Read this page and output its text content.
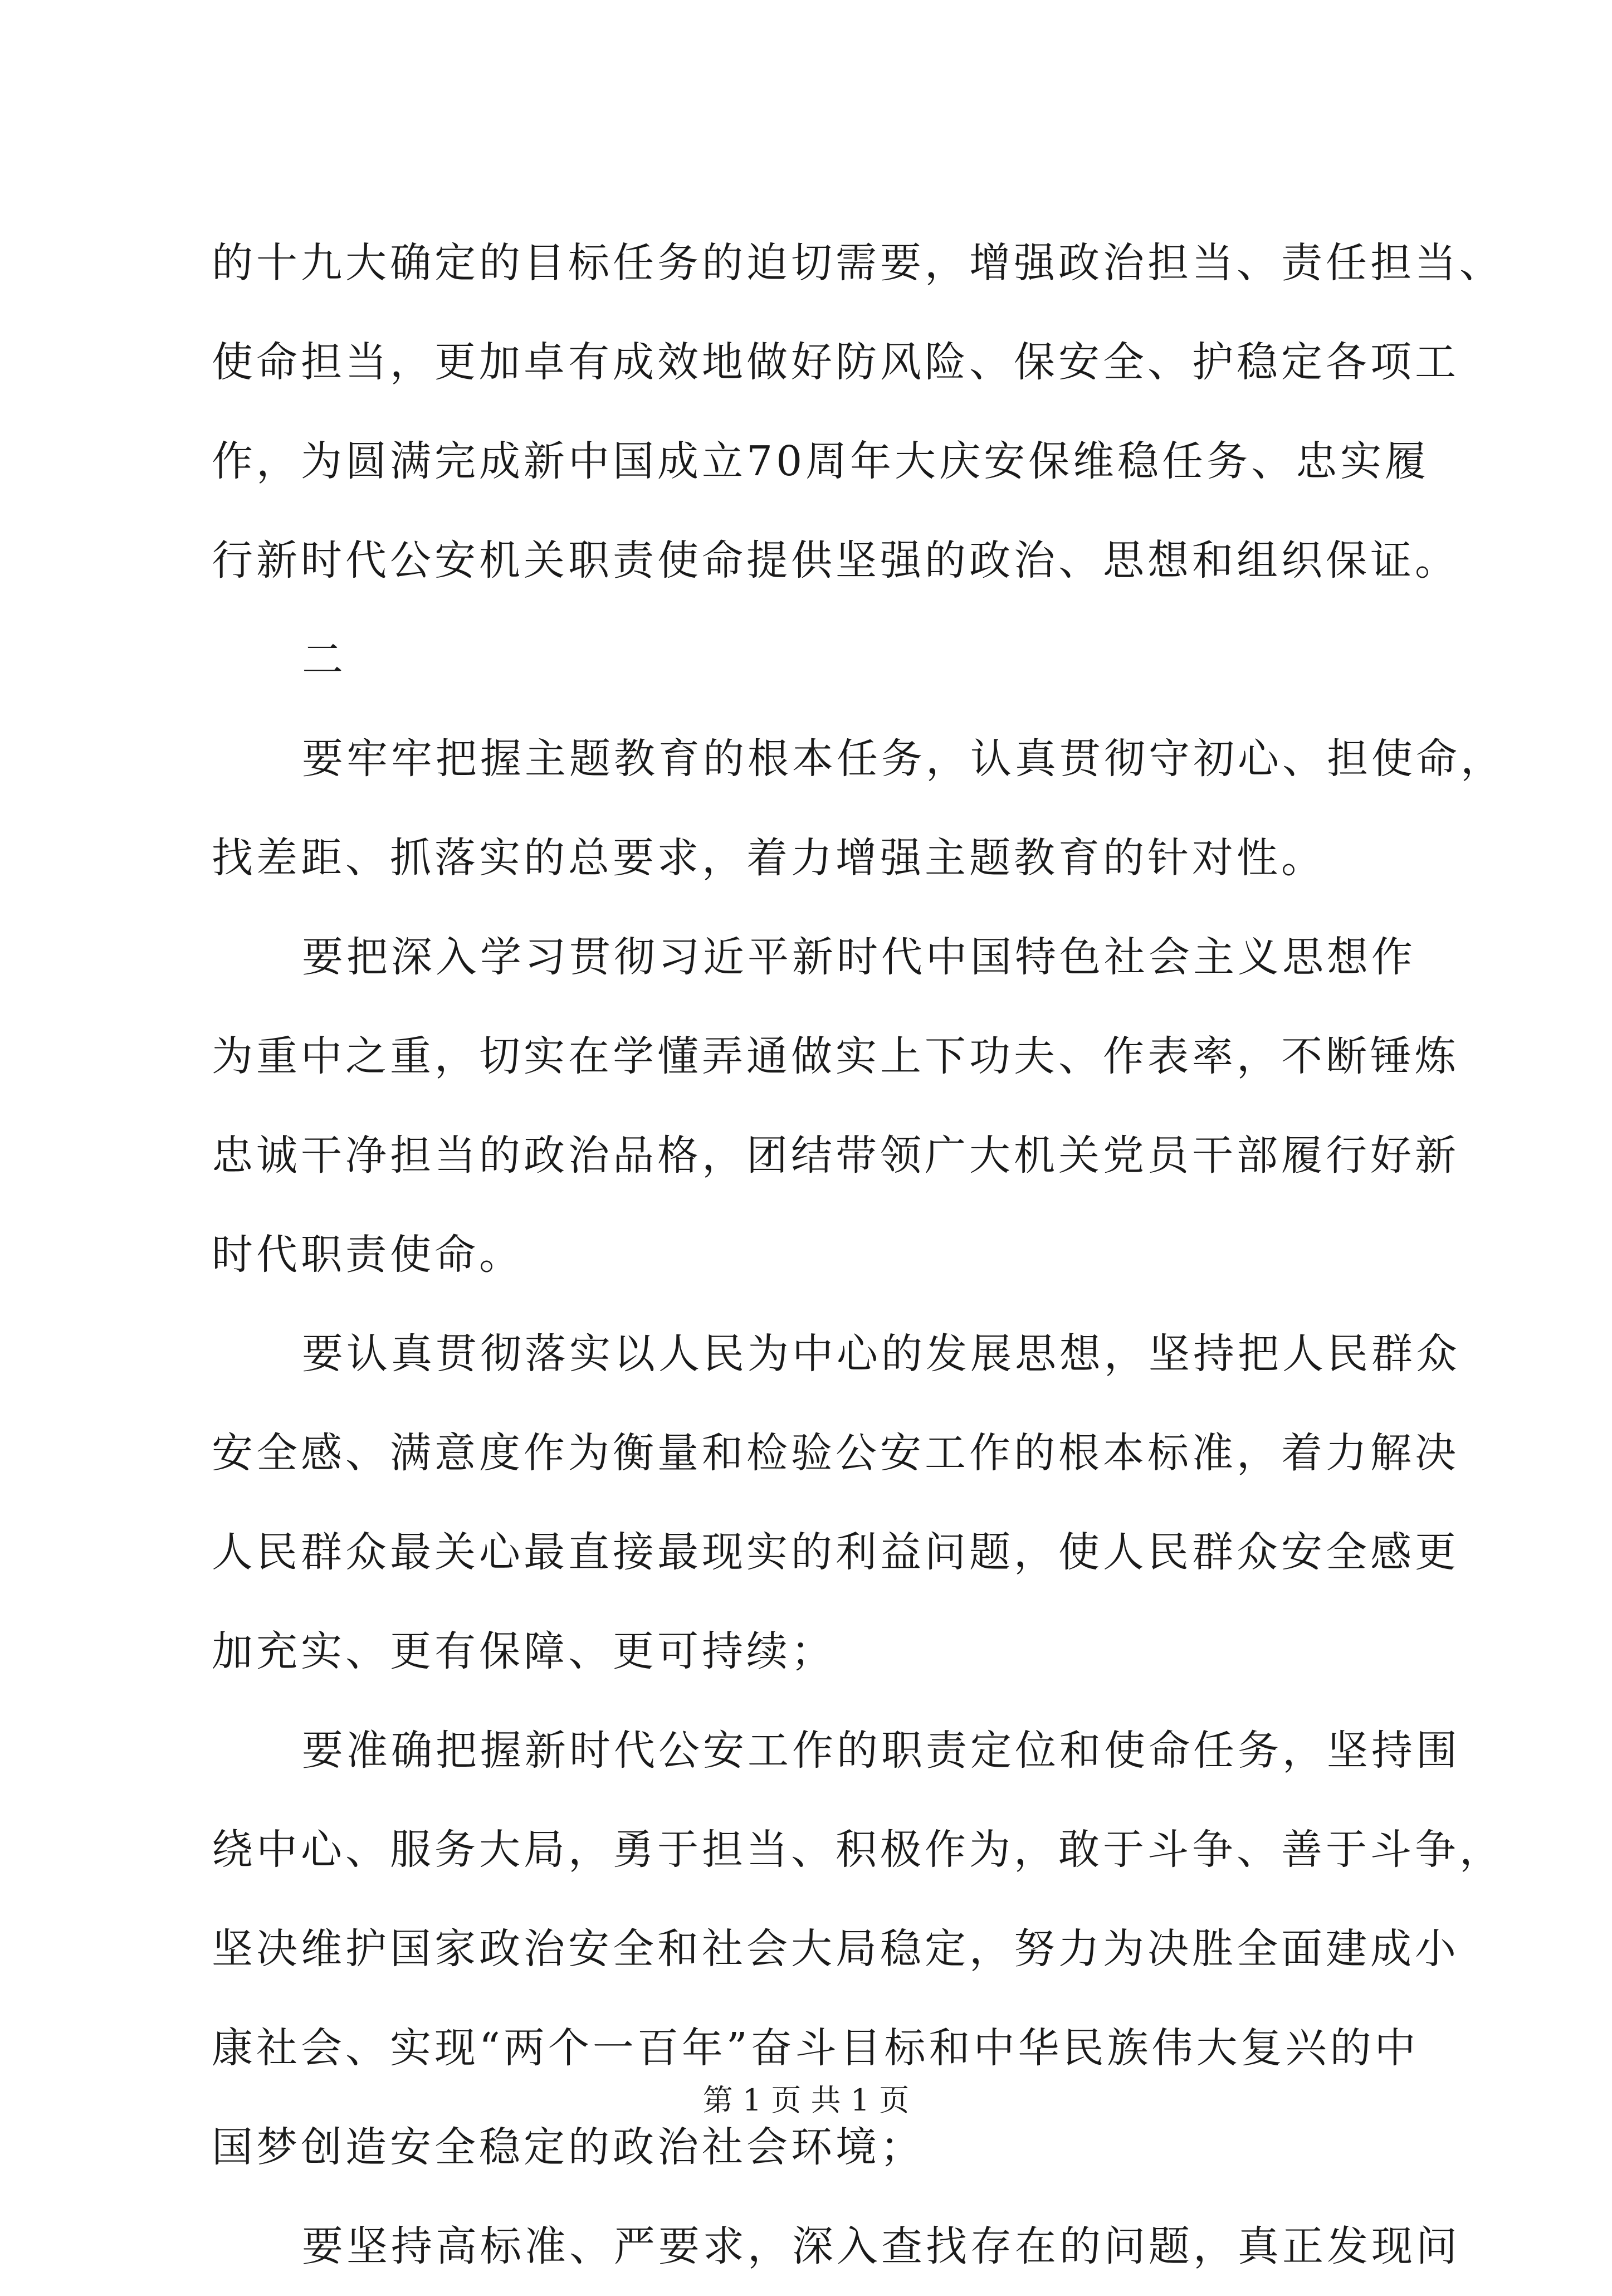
的十九大确定的目标任务的迫切需要，增强政治担当、责任担当、
使命担当，更加卓有成效地做好防风险、保安全、护稳定各项工
作，为圆满完成新中国成立70周年大庆安保维稳任务、忠实履
行新时代公安机关职责使命提供坚强的政治、思想和组织保证。
二
要牢牢把握主题教育的根本任务，认真贯彻守初心、担使命，
找差距、抓落实的总要求，着力增强主题教育的针对性。
要把深入学习贯彻习近平新时代中国特色社会主义思想作
为重中之重，切实在学懂弄通做实上下功夫、作表率，不断锤炼
忠诚干净担当的政治品格，团结带领广大机关党员干部履行好新
时代职责使命。
要认真贯彻落实以人民为中心的发展思想，坚持把人民群众
安全感、满意度作为衡量和检验公安工作的根本标准，着力解决
人民群众最关心最直接最现实的利益问题，使人民群众安全感更
加充实、更有保障、更可持续；
要准确把握新时代公安工作的职责定位和使命任务，坚持围
绕中心、服务大局，勇于担当、积极作为，敢于斗争、善于斗争，
坚决维护国家政治安全和社会大局稳定，努力为决胜全面建成小
康社会、实现“两个一百年”奋斗目标和中华民族伟大复兴的中
国梦创造安全稳定的政治社会环境；
要坚持高标准、严要求，深入查找存在的问题，真正发现问
第 1 页 共 1 页
